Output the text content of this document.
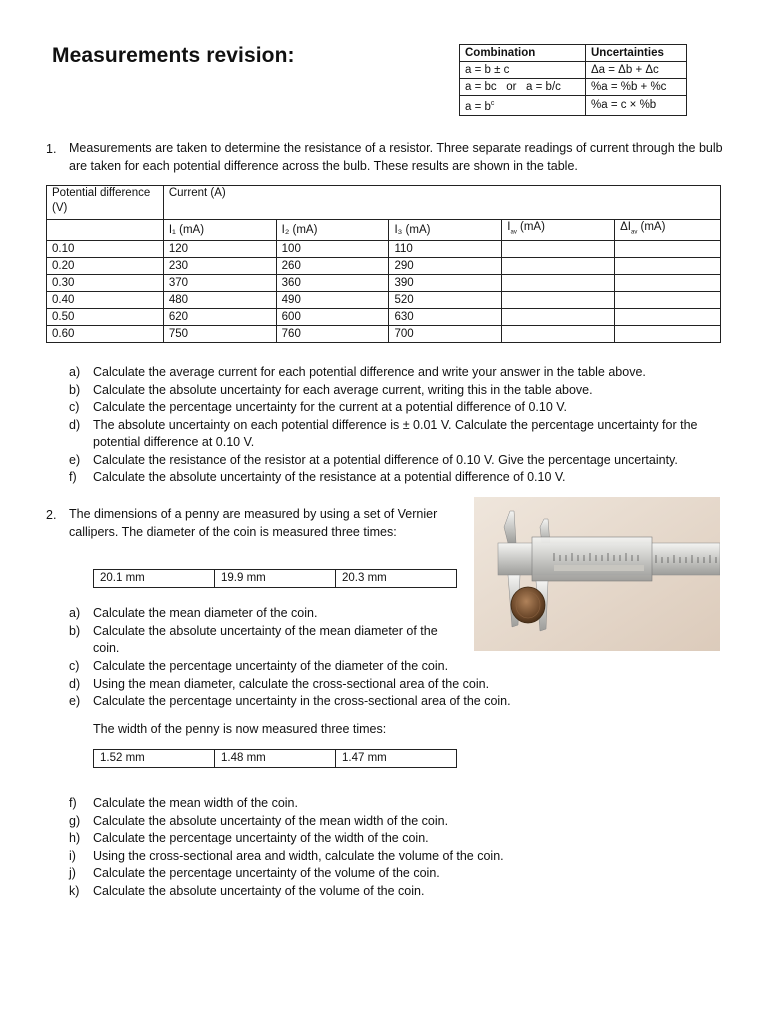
Measurements revision:	Combination	Uncertainties
a = b ± c	Δa = Δb + Δc
a = bc   or   a = b/c	%a = %b + %c
$a = b^c$	%a = c × %b
1. Measurements are taken to determine the resistance of a resistor. Three separate readings of current through the bulb are taken for each potential difference across the bulb. These results are shown in the table.
Potential difference (V)	Current (A)				
	I₁ (mA)	I₂ (mA)	I₃ (mA)	$I_{av}$ (mA)	$\Delta I_{av}$ (mA)
0.10	120	100	110		
0.20	230	260	290		
0.30	370	360	390		
0.40	480	490	520		
0.50	620	600	630		
0.60	750	760	700		
a) Calculate the average current for each potential difference and write your answer in the table above.
b) Calculate the absolute uncertainty for each average current, writing this in the table above.
c) Calculate the percentage uncertainty for the current at a potential difference of 0.10 V.
d) The absolute uncertainty on each potential difference is ± 0.01 V. Calculate the percentage uncertainty for the potential difference at 0.10 V.
e) Calculate the resistance of the resistor at a potential difference of 0.10 V. Give the percentage uncertainty.
f) Calculate the absolute uncertainty of the resistance at a potential difference of 0.10 V.
2. The dimensions of a penny are measured by using a set of Vernier callipers. The diameter of the coin is measured three times:
20.1 mm	19.9 mm	20.3 mm
a) Calculate the mean diameter of the coin.
b) Calculate the absolute uncertainty of the mean diameter of the coin.
c) Calculate the percentage uncertainty of the diameter of the coin.
d) Using the mean diameter, calculate the cross-sectional area of the coin.
e) Calculate the percentage uncertainty in the cross-sectional area of the coin.
The width of the penny is now measured three times:
1.52 mm	1.48 mm	1.47 mm
f) Calculate the mean width of the coin.
g) Calculate the absolute uncertainty of the mean width of the coin.
h) Calculate the percentage uncertainty of the width of the coin.
i) Using the cross-sectional area and width, calculate the volume of the coin.
j) Calculate the percentage uncertainty of the volume of the coin.
k) Calculate the absolute uncertainty of the volume of the coin.
